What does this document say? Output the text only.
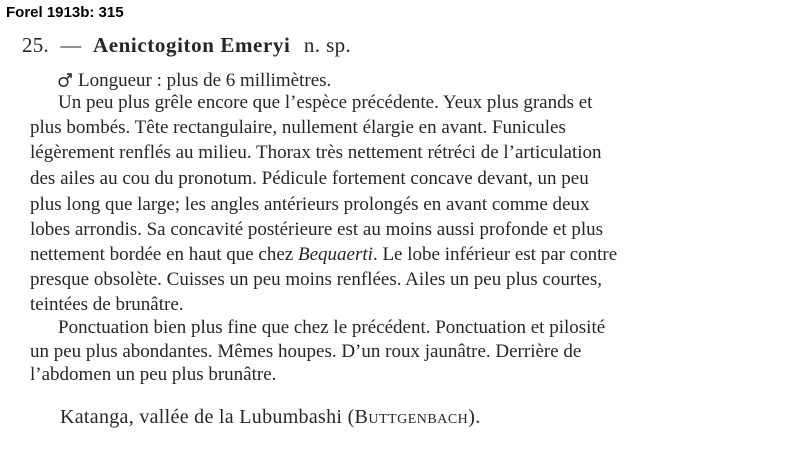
Forel 1913b: 315
25. — Aenictogiton Emeryi n. sp.
Longueur : plus de 6 millimètres.
Un peu plus grêle encore que l’espèce précédente. Yeux plus grands et
plus bombés. Tête rectangulaire, nullement élargie en avant. Funicules
légèrement renflés au milieu. Thorax très nettement rétréci de l’articulation
des ailes au cou du pronotum. Pédicule fortement concave devant, un peu
plus long que large; les angles antérieurs prolongés en avant comme deux
lobes arrondis. Sa concavité postérieure est au moins aussi profonde et plus
nettement bordée en haut que chez Bequaerti. Le lobe inférieur est par contre
presque obsolète. Cuisses un peu moins renflées. Ailes un peu plus courtes,
teintées de brunâtre.
Ponctuation bien plus fine que chez le précédent. Ponctuation et pilosité
un peu plus abondantes. Mêmes houpes. D’un roux jaunâtre. Derrière de
l’abdomen un peu plus brunâtre.
Katanga, vallée de la Lubumbashi (Buttgenbach).
